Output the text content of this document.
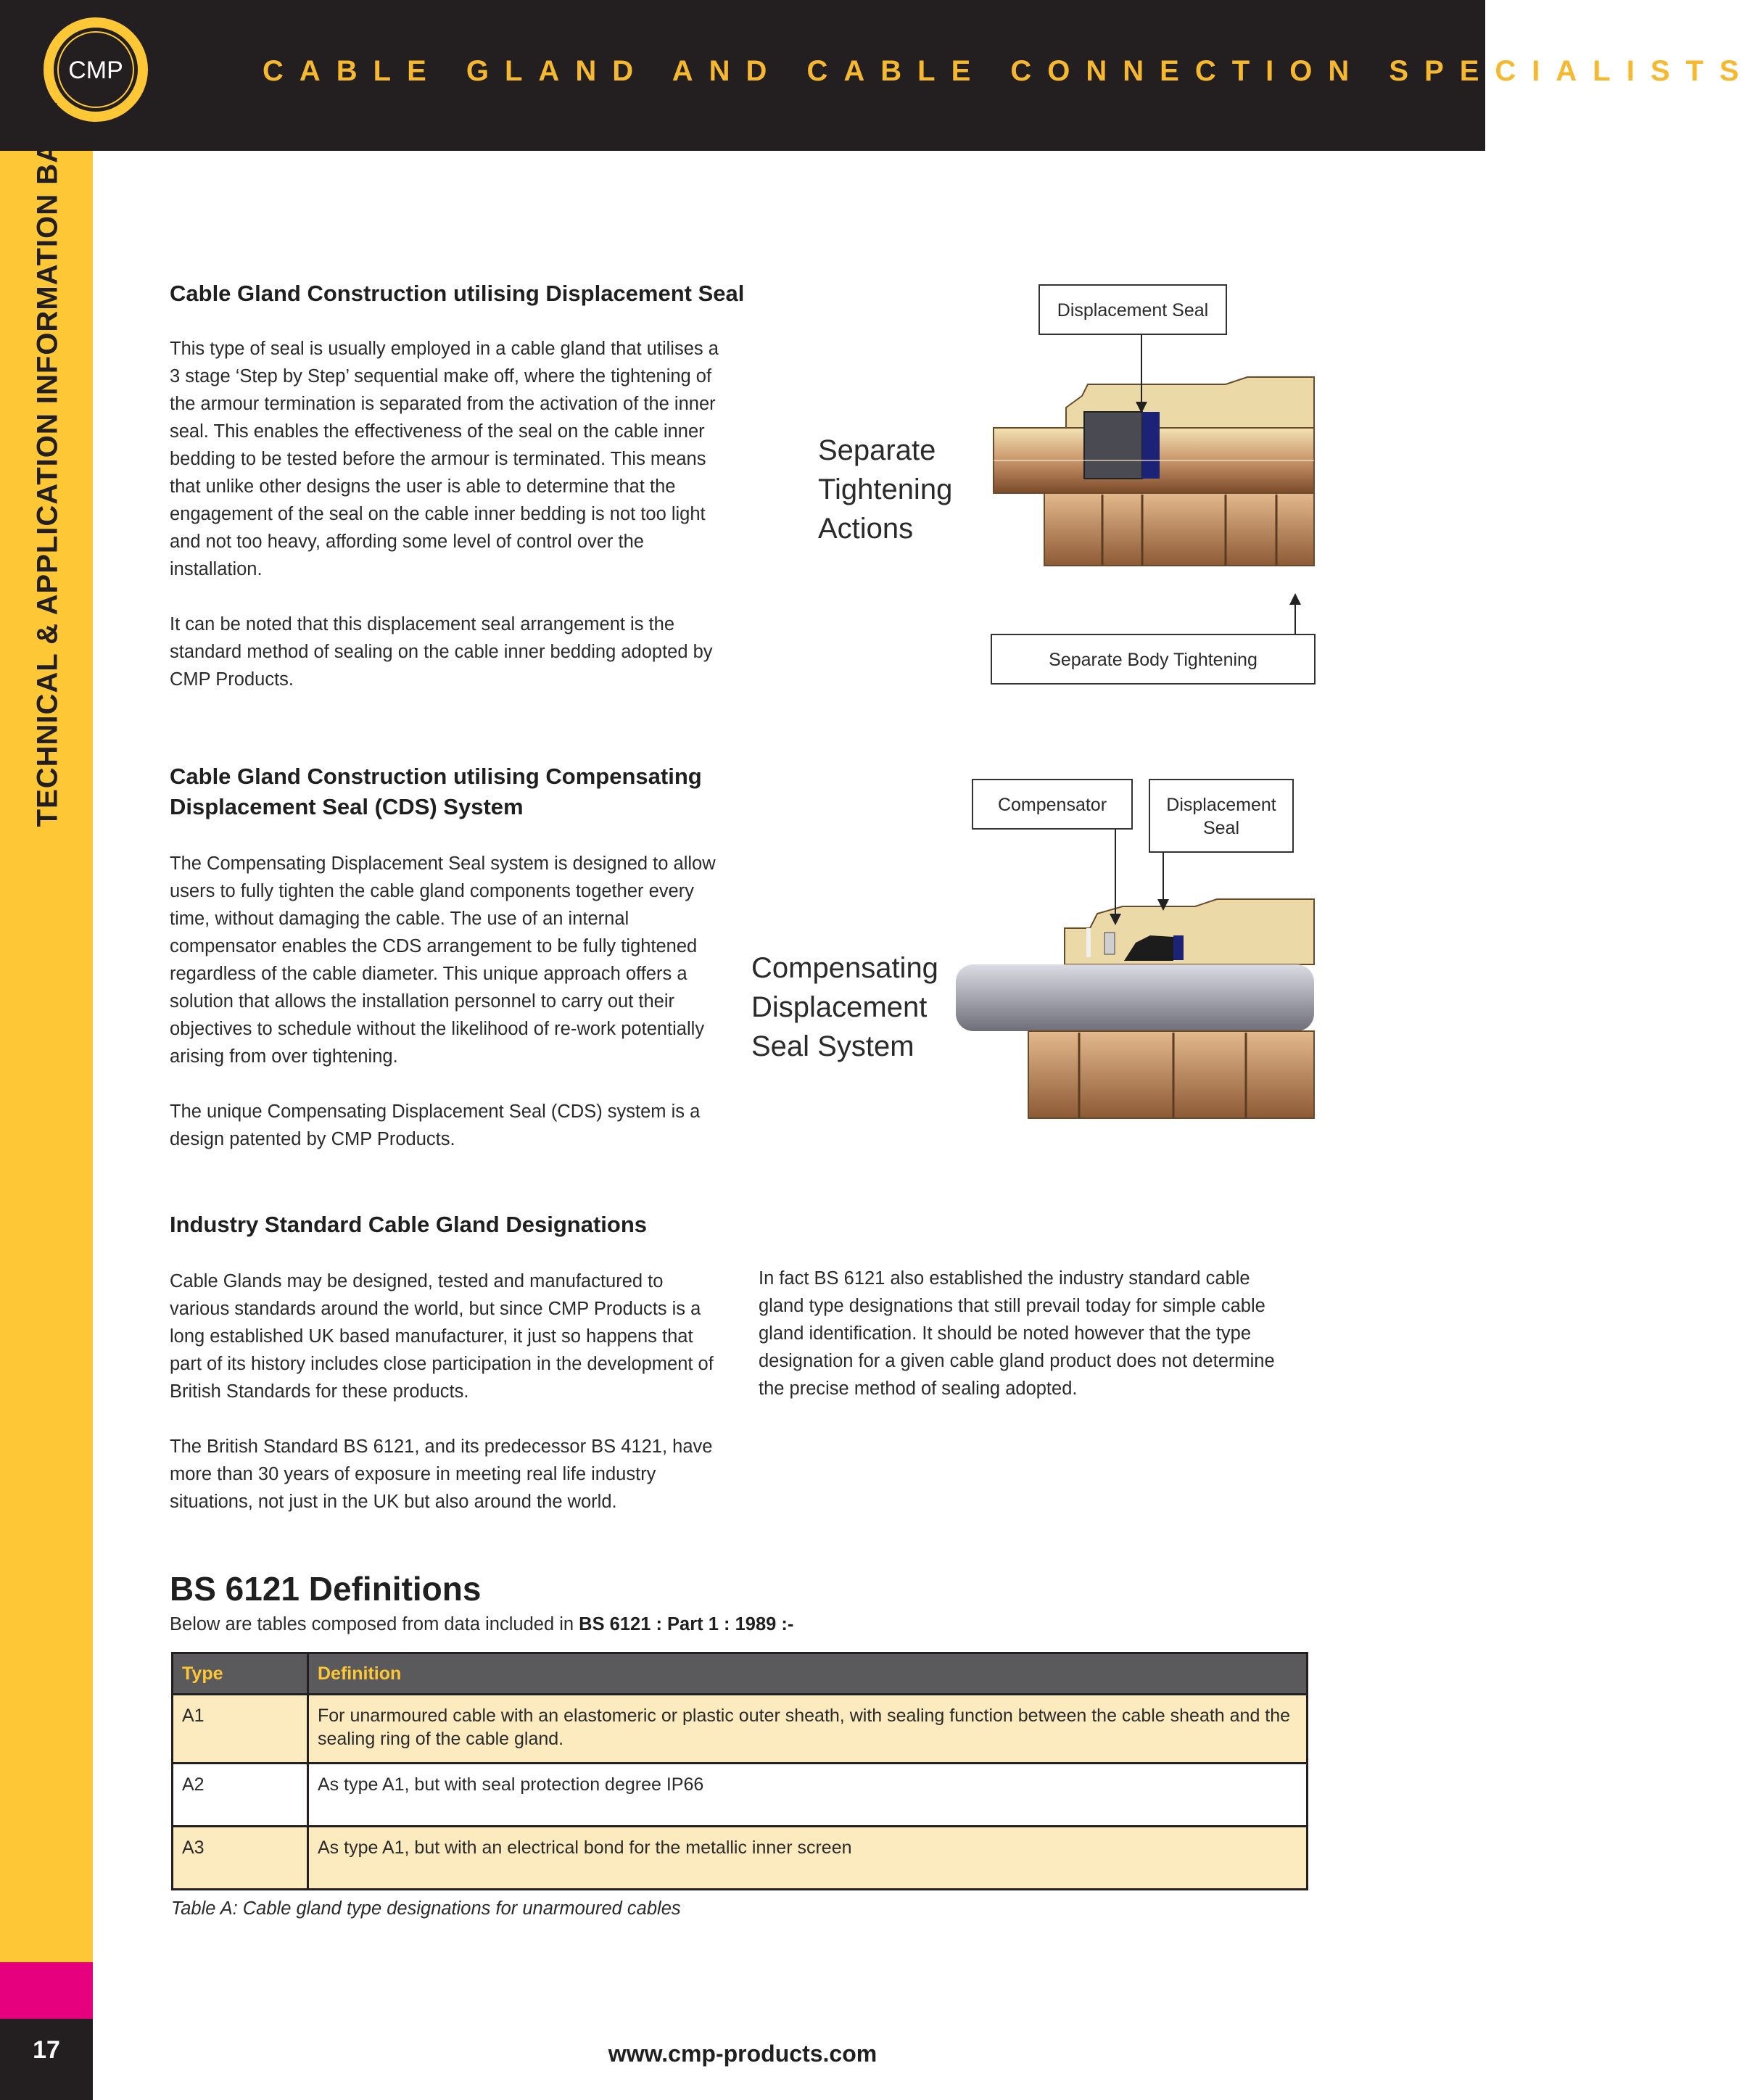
CMP	CABLE GLAND AND CABLE CONNECTION SPECIALISTS
TECHNICAL & APPLICATION INFORMATION BASE
17
Cable Gland Construction utilising Displacement Seal

This type of seal is usually employed in a cable gland that utilises a 3 stage ‘Step by Step’ sequential make off, where the tightening of the armour termination is separated from the activation of the inner seal. This enables the effectiveness of the seal on the cable inner bedding to be tested before the armour is terminated. This means that unlike other designs the user is able to determine that the engagement of the seal on the cable inner bedding is not too light and not too heavy, affording some level of control over the installation.

It can be noted that this displacement seal arrangement is the standard method of sealing on the cable inner bedding adopted by CMP Products.

Separate
Tightening
Actions
Displacement Seal
Separate Body Tightening
Cable Gland Construction utilising Compensating
Displacement Seal (CDS) System

The Compensating Displacement Seal system is designed to allow users to fully tighten the cable gland components together every time, without damaging the cable. The use of an internal compensator enables the CDS arrangement to be fully tightened regardless of the cable diameter. This unique approach offers a solution that allows the installation personnel to carry out their objectives to schedule without the likelihood of re-work potentially arising from over tightening.

The unique Compensating Displacement Seal (CDS) system is a design patented by CMP Products.

Compensating
Displacement
Seal System
Compensator	Displacement
Seal
Industry Standard Cable Gland Designations

Cable Glands may be designed, tested and manufactured to various standards around the world, but since CMP Products is a long established UK based manufacturer, it just so happens that part of its history includes close participation in the development of British Standards for these products.

The British Standard BS 6121, and its predecessor BS 4121, have more than 30 years of exposure in meeting real life industry situations, not just in the UK but also around the world.

In fact BS 6121 also established the industry standard cable gland type designations that still prevail today for simple cable gland identification. It should be noted however that the type designation for a given cable gland product does not determine the precise method of sealing adopted.

BS 6121 Definitions
Below are tables composed from data included in BS 6121 : Part 1 : 1989 :-
Type	Definition
A1	For unarmoured cable with an elastomeric or plastic outer sheath, with sealing function between the cable sheath and the sealing ring of the cable gland.
A2	As type A1, but with seal protection degree IP66
A3	As type A1, but with an electrical bond for the metallic inner screen
Table A: Cable gland type designations for unarmoured cables
www.cmp-products.com
